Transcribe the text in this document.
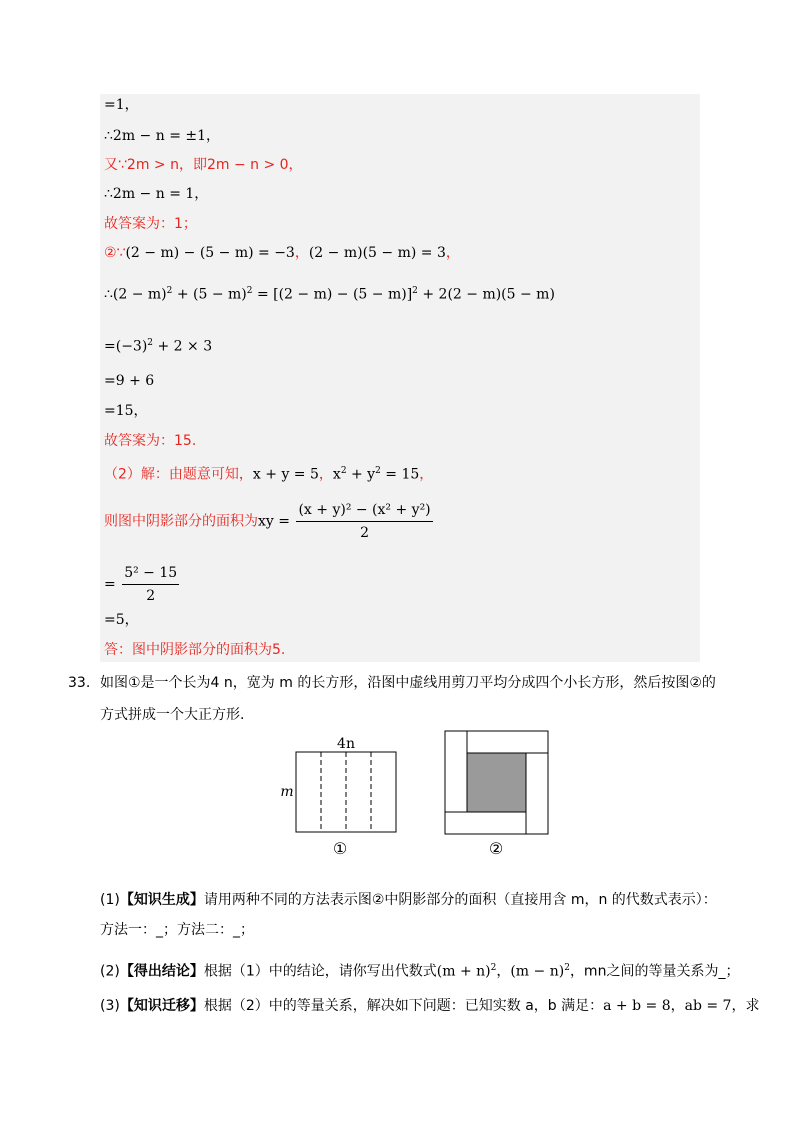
=1，
∴2m − n = ±1，
又∵2m > n，即2m − n > 0，
∴2m − n = 1，
故答案为：1；
②∵(2 − m) − (5 − m) = −3，(2 − m)(5 − m) = 3，
∴(2 − $m)^2 + (5 - m)^2 = [(2 - m) - (5 - m)]^2 + 2(2 - m)(5 - m)$
$=(-3)^2 + 2 \times 3$
=9 + 6
=15，
故答案为：15.
（2）解：由题意可知，x + y = 5，$x^2 + y^2 = 15$，
则图中阴影部分的面积为xy = $\frac{\text{(x + y)² − (x² + y²)}}{2}$
= $\frac{\text{5² − 15}}{2}$
=5，
答：图中阴影部分的面积为5.
33. 如图①是一个长为4 n，宽为 m 的长方形，沿图中虚线用剪刀平均分成四个小长方形，然后按图②的
方式拼成一个大正方形.
4n
m
①	②
(1)【知识生成】请用两种不同的方法表示图②中阴影部分的面积（直接用含 m，n 的代数式表示）：
方法一：_；方法二：_；
(2)【得出结论】根据（1）中的结论，请你写出代数式$(m + n)^2$，$(m - n)^2$，mn之间的等量关系为_；
(3)【知识迁移】根据（2）中的等量关系，解决如下问题：已知实数 a，b 满足：a + b = 8，ab = 7，求
